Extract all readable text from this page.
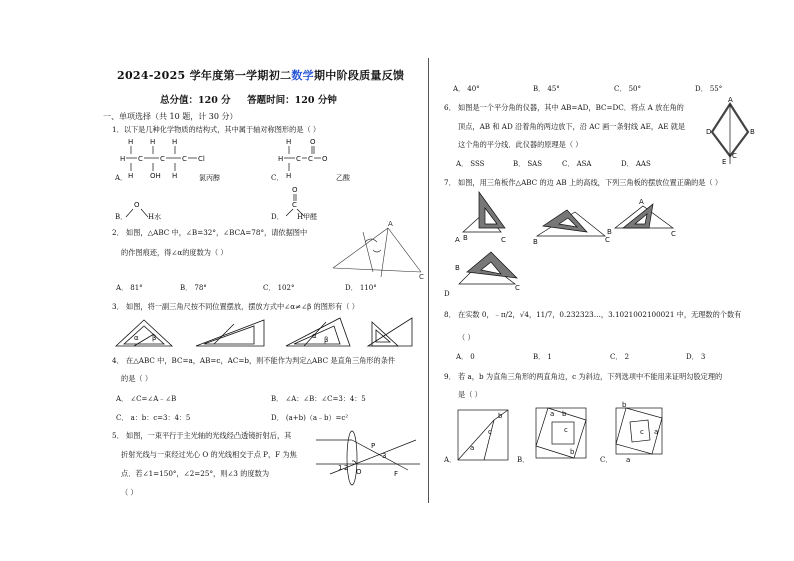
2024-2025 学年度第一学期初二数学期中阶段质量反馈
总分值：120 分     答题时间：120 分钟
一、单项选择（共 10 题，计 30 分）
1．以下是几种化学物质的结构式，其中属于轴对称图形的是（ ）
H H H
H C C C Cl
H OH H
A．	氯丙醇
H	O
H C C O
H
C．	乙酸
O
B．	H水
O
C
D． H甲醛
2． 如图，△ABC 中，∠B=32°，∠BCA=78°，请依据图中
的作图痕迹，得∠α的度数为（ ）
A
C
A． 81°	B． 78°	C． 102°	D． 110°
3． 如图，将一副三角尺按不同位置摆放，摆放方式中∠α≠∠β 的图形有（ ）
α β	α β
4． 在△ABC 中，BC=a，AB=c，AC=b，则不能作为判定△ABC 是直角三角形的条件
的是（ ）
A． ∠C=∠A﹣∠B	B． ∠A：∠B：∠C=3：4：5
C． a：b：c=3：4：5	D． (a+b)（a﹣b）=c²
5． 如图，一束平行于主光轴的光线经凸透镜折射后，其
折射光线与一束经过光心 O 的光线相交于点 P，F 为焦
点．若∠1=150°，∠2=25°，则∠3 的度数为
（ ）
P
O	F
2
1
3
A． 40°	B． 45°	C． 50°	D． 55°
6． 如图是一个平分角的仪器，其中 AB=AD，BC=DC．将点 A 放在角的
顶点，AB 和 AD 沿着角的两边放下，沿 AC 画一条射线 AE，AE 就是
这个角的平分线．此仪器的原理是（ ）
A． SSS	B． SAS	C． ASA	D． AAS
A
B
C
D
E
7． 如图，用三角板作△ABC 的边 AB 上的高线，下列三角板的摆放位置正确的是（ ）
A B	C	B	C
B	C
A
B
C
D
8． 在实数 0，﹣π/2，√4，11/7，0.232323…，3.1021002100021 中，无理数的个数有
（ ）
A． 0	B． 1	C． 2	D． 3
9． 若 a，b 为直角三角形的两直角边，c 为斜边，下列选项中不能用来证明勾股定理的
是（ ）
a
c
b	a b
c
b
b
c a
a
A．	B．	C．
